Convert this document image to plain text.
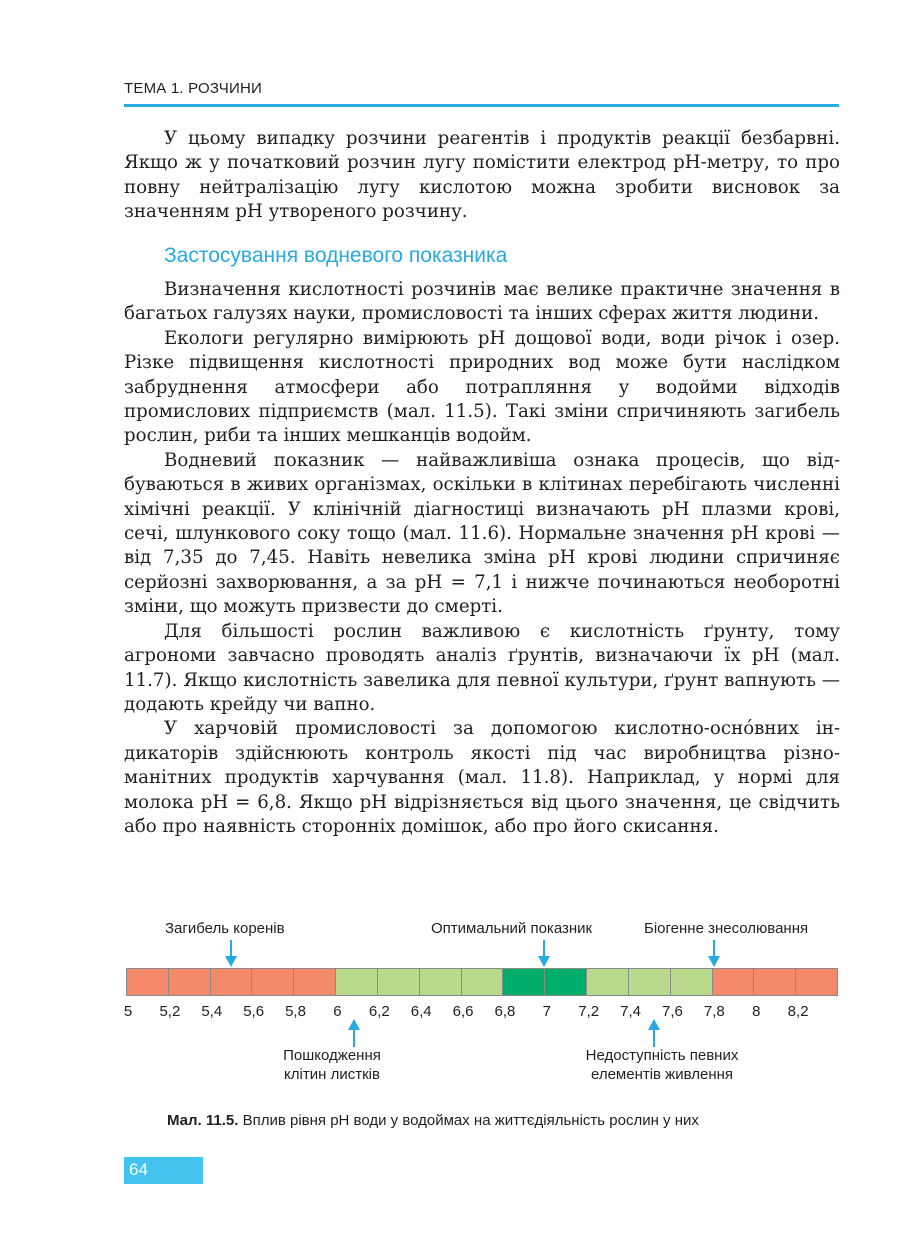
ТЕМА 1. РОЗЧИНИ

У цьому випадку розчини реагентів і продуктів реакції безбарвні. Якщо ж у початковий розчин лугу помістити електрод pH-метру, то про повну нейтралізацію лугу кислотою можна зробити висновок за значенням pH утвореного розчину.

Застосування водневого показника

Визначення кислотності розчинів має велике практичне значення в багатьох галузях науки, промисловості та інших сферах життя людини.

Екологи регулярно вимірюють pH дощової води, води річок і озер. Різке підвищення кислотності природних вод може бути наслідком забруднення атмосфери або потрапляння у водойми відходів промислових підприємств (мал. 11.5). Такі зміни спричиняють загибель рослин, риби та інших мешканців водойм.

Водневий показник — найважливіша ознака процесів, що відбуваються в живих організмах, оскільки в клітинах перебігають численні хімічні реакції. У клінічній діагностиці визначають pH плазми крові, сечі, шлункового соку тощо (мал. 11.6). Нормальне значення pH крові — від 7,35 до 7,45. Навіть невелика зміна pH крові людини спричиняє серйозні захворювання, а за pH = 7,1 і нижче починаються необоротні зміни, що можуть призвести до смерті.

Для більшості рослин важливою є кислотність ґрунту, тому агрономи завчасно проводять аналіз ґрунтів, визначаючи їх pH (мал. 11.7). Якщо кислотність завелика для певної культури, ґрунт вапнують — додають крейду чи вапно.

У харчовій промисловості за допомогою кислотно-осно́вних індикаторів здійснюють контроль якості під час виробництва різноманітних продуктів харчування (мал. 11.8). Наприклад, у нормі для молока pH = 6,8. Якщо pH відрізняється від цього значення, це свідчить або про наявність сторонніх домішок, або про його скисання.

Загибель коренів	Оптимальний показник	Біогенне знесолювання
5 5,2 5,4 5,6 5,8 6 6,2 6,4 6,6 6,8 7 7,2 7,4 7,6 7,8 8 8,2
Пошкодження
клітин листків
Недоступність певних
елементів живлення
Мал. 11.5. Вплив рівня pH води у водоймах на життєдіяльність рослин у них
64
